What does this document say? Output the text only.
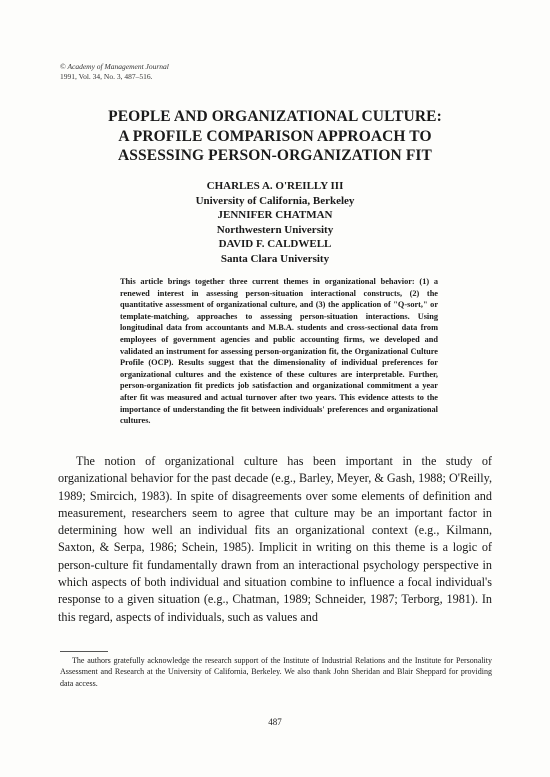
© Academy of Management Journal
1991, Vol. 34, No. 3, 487–516.
PEOPLE AND ORGANIZATIONAL CULTURE:
A PROFILE COMPARISON APPROACH TO
ASSESSING PERSON-ORGANIZATION FIT
CHARLES A. O'REILLY III
University of California, Berkeley
JENNIFER CHATMAN
Northwestern University
DAVID F. CALDWELL
Santa Clara University
This article brings together three current themes in organizational behavior: (1) a renewed interest in assessing person-situation interactional constructs, (2) the quantitative assessment of organizational culture, and (3) the application of "Q-sort," or template-matching, approaches to assessing person-situation interactions. Using longitudinal data from accountants and M.B.A. students and cross-sectional data from employees of government agencies and public accounting firms, we developed and validated an instrument for assessing person-organization fit, the Organizational Culture Profile (OCP). Results suggest that the dimensionality of individual preferences for organizational cultures and the existence of these cultures are interpretable. Further, person-organization fit predicts job satisfaction and organizational commitment a year after fit was measured and actual turnover after two years. This evidence attests to the importance of understanding the fit between individuals' preferences and organizational cultures.
The notion of organizational culture has been important in the study of organizational behavior for the past decade (e.g., Barley, Meyer, & Gash, 1988; O'Reilly, 1989; Smircich, 1983). In spite of disagreements over some elements of definition and measurement, researchers seem to agree that culture may be an important factor in determining how well an individual fits an organizational context (e.g., Kilmann, Saxton, & Serpa, 1986; Schein, 1985). Implicit in writing on this theme is a logic of person-culture fit fundamentally drawn from an interactional psychology perspective in which aspects of both individual and situation combine to influence a focal individual's response to a given situation (e.g., Chatman, 1989; Schneider, 1987; Terborg, 1981). In this regard, aspects of individuals, such as values and
The authors gratefully acknowledge the research support of the Institute of Industrial Relations and the Institute for Personality Assessment and Research at the University of California, Berkeley. We also thank John Sheridan and Blair Sheppard for providing data access.
487
